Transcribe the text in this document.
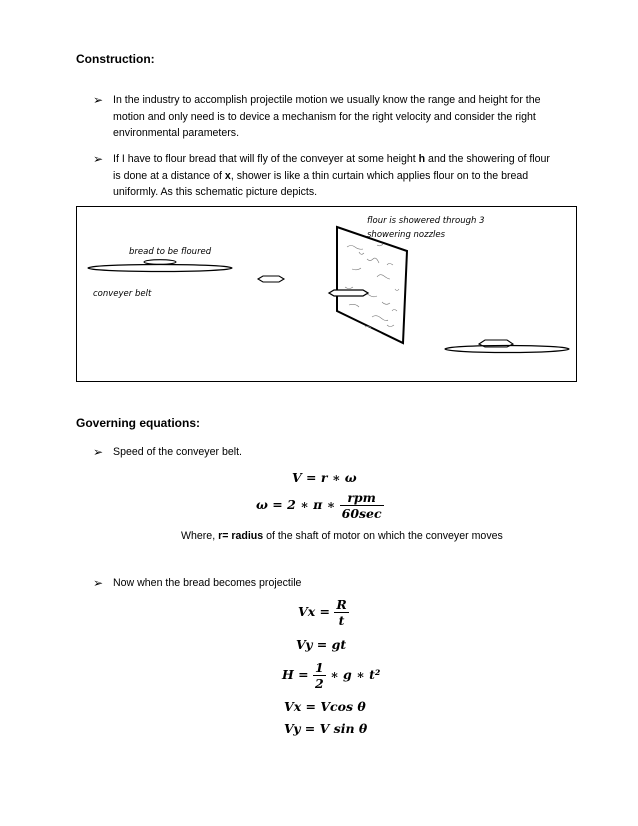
Construction:
➢ In the industry to accomplish projectile motion we usually know the range and height for the
motion and only need is to device a mechanism for the right velocity and consider the right
environmental parameters.
➢ If I have to flour bread that will fly of the conveyer at some height h and the showering of flour
is done at a distance of x, shower is like a thin curtain which applies flour on to the bread
uniformly. As this schematic picture depicts.
bread to be floured
conveyer belt
flour is showered through 3
showering nozzles
Governing equations:
➢ Speed of the conveyer belt.
V = r ∗ ω
ω = 2 ∗ π ∗ $\frac{\text{rpm}}{60\sec}$
Where, r= radius of the shaft of motor on which the conveyer moves
➢ Now when the bread becomes projectile
$Vx = \frac{R}{t}$
Vy = gt
$H = \frac{1}{2}$ ∗ g ∗ t²
Vx = Vcos θ
Vy = V sin θ
